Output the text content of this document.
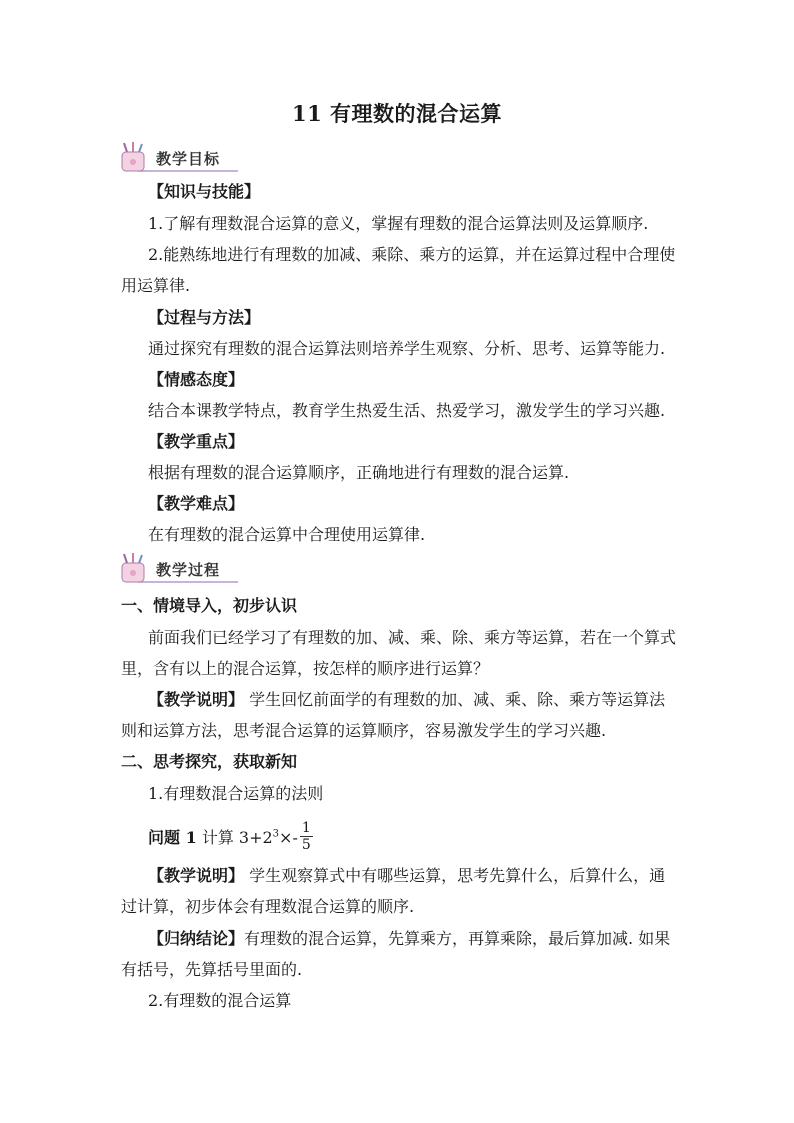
11 有理数的混合运算
教学目标
【知识与技能】
1.了解有理数混合运算的意义，掌握有理数的混合运算法则及运算顺序.
2.能熟练地进行有理数的加减、乘除、乘方的运算，并在运算过程中合理使
用运算律.
【过程与方法】
通过探究有理数的混合运算法则培养学生观察、分析、思考、运算等能力.
【情感态度】
结合本课教学特点，教育学生热爱生活、热爱学习，激发学生的学习兴趣.
【教学重点】
根据有理数的混合运算顺序，正确地进行有理数的混合运算.
【教学难点】
在有理数的混合运算中合理使用运算律.
教学过程
一、情境导入，初步认识
前面我们已经学习了有理数的加、减、乘、除、乘方等运算，若在一个算式
里，含有以上的混合运算，按怎样的顺序进行运算？
【教学说明】 学生回忆前面学的有理数的加、减、乘、除、乘方等运算法
则和运算方法，思考混合运算的运算顺序，容易激发学生的学习兴趣.
二、思考探究，获取新知
1.有理数混合运算的法则
问题 1 计算 $3+2^3\times- \frac{1}{5}$
【教学说明】 学生观察算式中有哪些运算，思考先算什么，后算什么，通
过计算，初步体会有理数混合运算的顺序.
【归纳结论】有理数的混合运算，先算乘方，再算乘除，最后算加减. 如果
有括号，先算括号里面的.
2.有理数的混合运算
